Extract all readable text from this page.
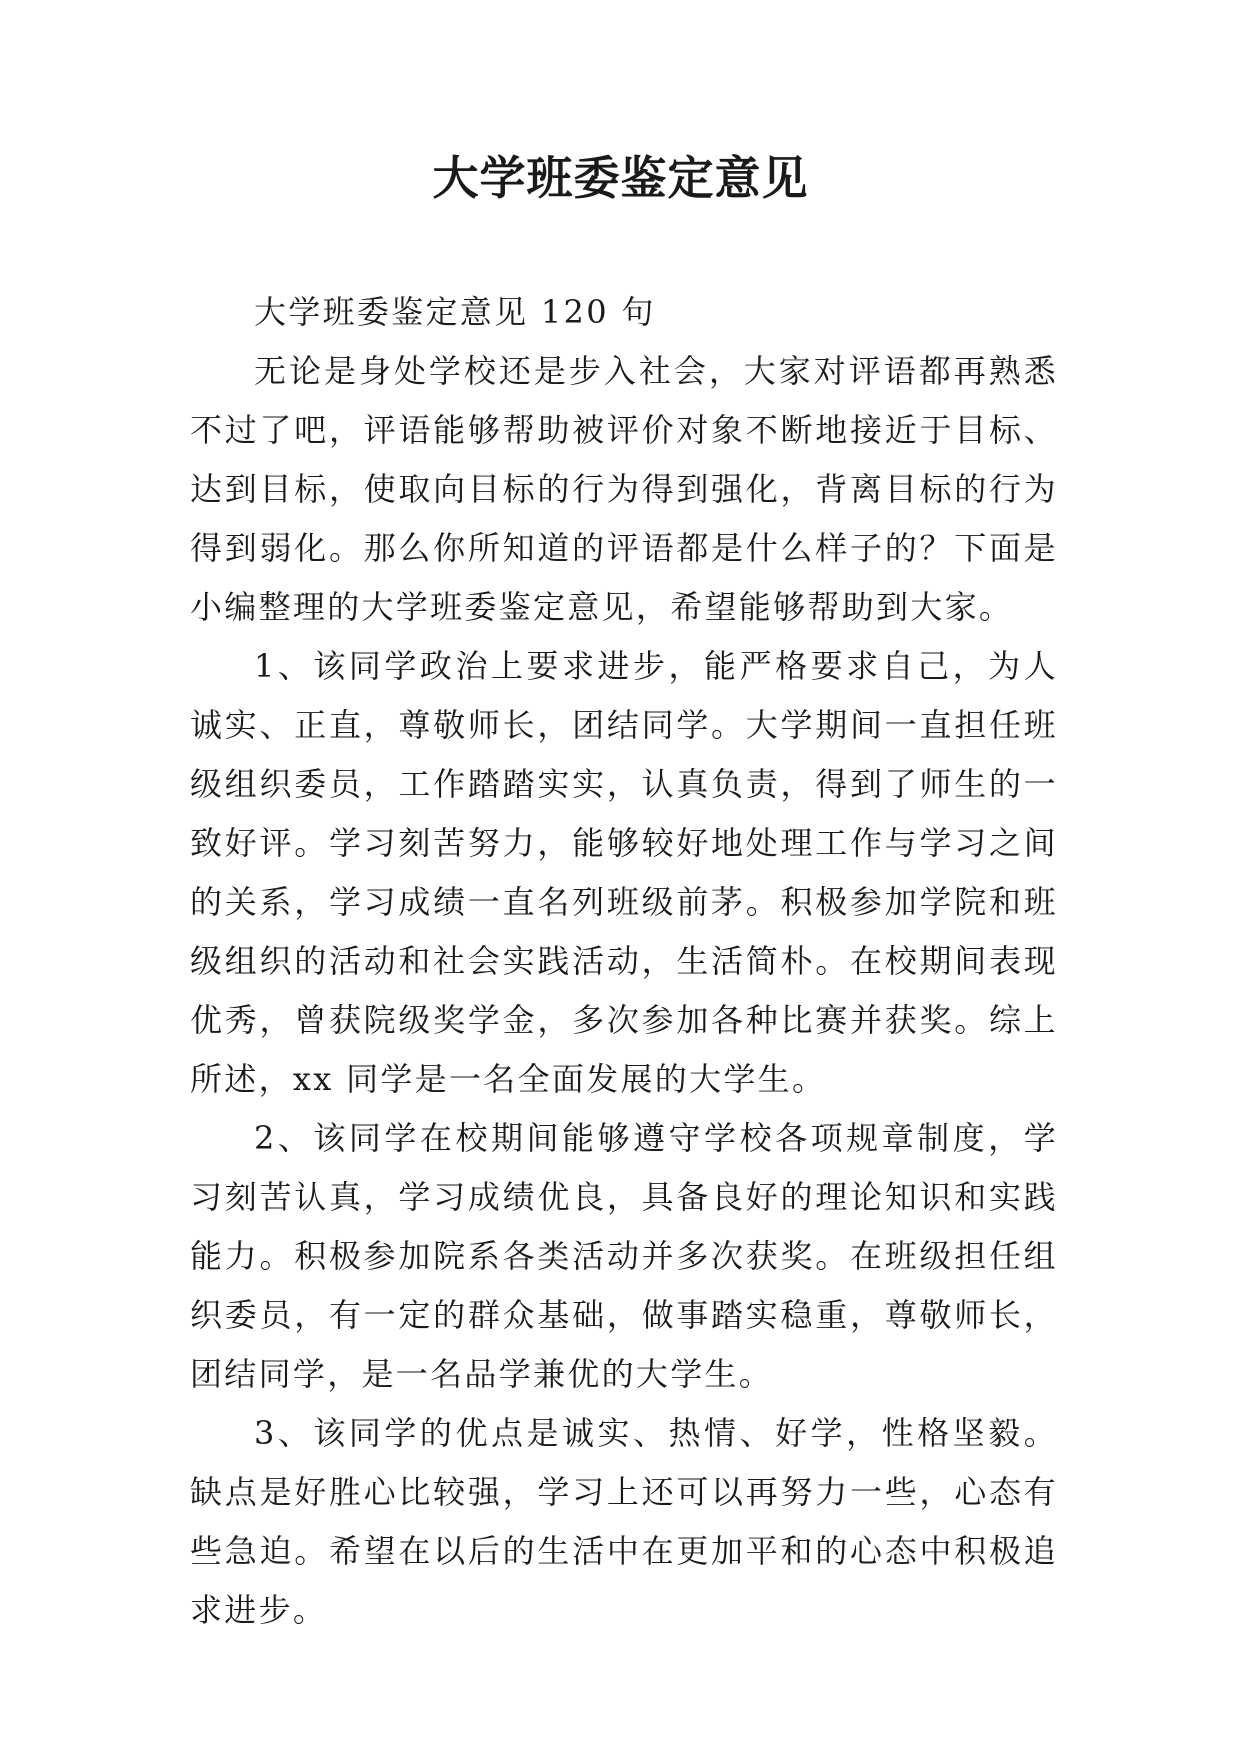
大学班委鉴定意见

大学班委鉴定意见 120 句

无论是身处学校还是步入社会，大家对评语都再熟悉不过了吧，评语能够帮助被评价对象不断地接近于目标、达到目标，使取向目标的行为得到强化，背离目标的行为得到弱化。那么你所知道的评语都是什么样子的？下面是小编整理的大学班委鉴定意见，希望能够帮助到大家。

1、该同学政治上要求进步，能严格要求自己，为人诚实、正直，尊敬师长，团结同学。大学期间一直担任班级组织委员，工作踏踏实实，认真负责，得到了师生的一致好评。学习刻苦努力，能够较好地处理工作与学习之间的关系，学习成绩一直名列班级前茅。积极参加学院和班级组织的活动和社会实践活动，生活简朴。在校期间表现优秀，曾获院级奖学金，多次参加各种比赛并获奖。综上所述，xx 同学是一名全面发展的大学生。

2、该同学在校期间能够遵守学校各项规章制度，学习刻苦认真，学习成绩优良，具备良好的理论知识和实践能力。积极参加院系各类活动并多次获奖。在班级担任组织委员，有一定的群众基础，做事踏实稳重，尊敬师长，团结同学，是一名品学兼优的大学生。

3、该同学的优点是诚实、热情、好学，性格坚毅。缺点是好胜心比较强，学习上还可以再努力一些，心态有些急迫。希望在以后的生活中在更加平和的心态中积极追求进步。
